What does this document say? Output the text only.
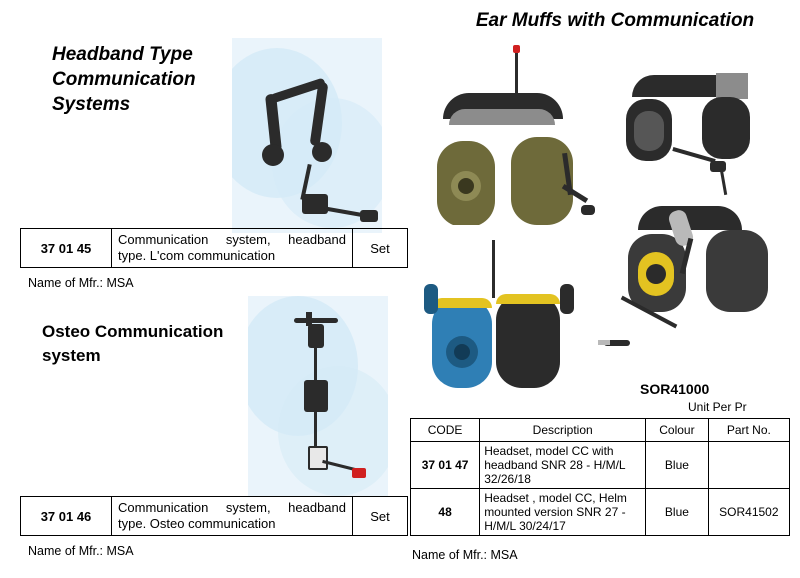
Headband Type Communication Systems
37 01 45	Communication system, headband type. L'com communication	Set
Name of Mfr.: MSA
Osteo Communication system
37 01 46	Communication system, headband type. Osteo communication	Set
Name of Mfr.: MSA
Ear Muffs with Communication
SOR41000
Unit Per Pr
CODE	Description	Colour	Part No.
37 01 47	Headset, model CC with headband SNR 28 - H/M/L 32/26/18	Blue	
48	Headset , model CC, Helm mounted version SNR 27 - H/M/L 30/24/17	Blue	SOR41502
Name of Mfr.: MSA
